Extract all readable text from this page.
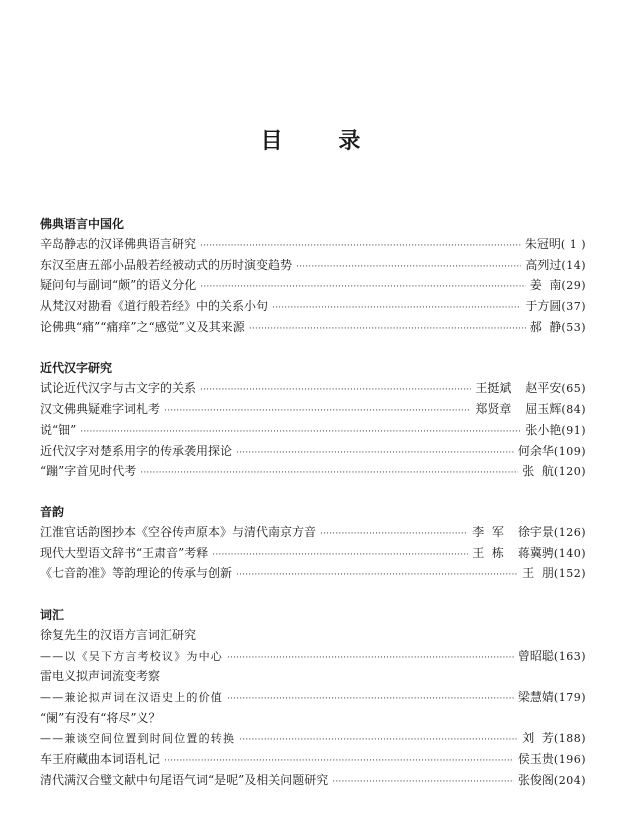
目 录
佛典语言中国化
辛岛静志的汉译佛典语言研究 ·····	朱冠明 ( 1 )
东汉至唐五部小品般若经被动式的历时演变趋势 ·····	高列过 (14)
疑问句与副词“颇”的语义分化 ·····	姜  南 (29)
从梵汉对勘看《道行般若经》中的关系小句 ·····	于方圆 (37)
论佛典“痛”“痛痒”之“感觉”义及其来源 ·····	郝  静 (53)
近代汉字研究
试论近代汉字与古文字的关系 ·····	王挺斌 赵平安 (65)
汉文佛典疑难字词札考 ·····	郑贤章 屈玉辉 (84)
说“钿” ·····	张小艳 (91)
近代汉字对楚系用字的传承袭用探论 ·····	何余华 (109)
“蹦”字首见时代考 ·····	张  航 (120)
音韵
江淮官话韵图抄本《空谷传声原本》与清代南京方音 ·····	李  军 徐宇景 (126)
现代大型语文辞书“王肃音”考释 ·····	王  栋 蒋冀骋 (140)
《七音韵准》等韵理论的传承与创新 ·····	王  朋 (152)
词汇
徐复先生的汉语方言词汇研究
——以《吴下方言考校议》为中心 ·····	曾昭聪 (163)
雷电义拟声词流变考察
——兼论拟声词在汉语史上的价值 ·····	梁慧婧 (179)
“阑”有没有“将尽”义？
——兼谈空间位置到时间位置的转换 ·····	刘  芳 (188)
车王府藏曲本词语札记 ·····	侯玉贵 (196)
清代满汉合璧文献中句尾语气词“是呢”及相关问题研究 ·····	张俊阁 (204)
